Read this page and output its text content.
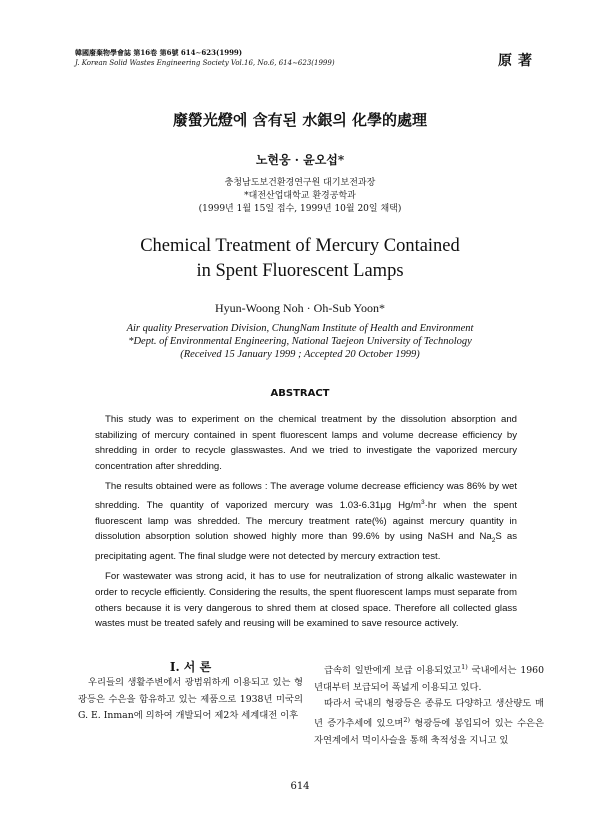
韓國廢棄物學會誌 第16卷 第6號 614∼623(1999)
J. Korean Solid Wastes Engineering Society Vol.16, No.6, 614∼623(1999)	原著
廢螢光燈에 含有된 水銀의 化學的處理
노현웅 · 윤오섭*
충청남도보건환경연구원 대기보전과장
*대전산업대학교 환경공학과
(1999년 1월 15일 접수, 1999년 10월 20일 채택)
Chemical Treatment of Mercury Contained
in Spent Fluorescent Lamps
Hyun-Woong Noh · Oh-Sub Yoon*
Air quality Preservation Division, ChungNam Institute of Health and Environment
*Dept. of Environmental Engineering, National Taejeon University of Technology
(Received 15 January 1999 ; Accepted 20 October 1999)
ABSTRACT

This study was to experiment on the chemical treatment by the dissolution absorption and stabilizing of mercury contained in spent fluorescent lamps and volume decrease efficiency by shredding in order to recycle glasswastes. And we tried to investigate the vaporized mercury concentration after shredding.

The results obtained were as follows : The average volume decrease efficiency was 86% by wet shredding. The quantity of vaporized mercury was 1.03-6.31μg $Hg/m^3\cdot hr$ when the spent fluorescent lamp was shredded. The mercury treatment rate(%) against mercury quantity in dissolution absorption solution showed highly more than 99.6% by using NaSH and $Na_2S$ as precipitating agent. The final sludge were not detected by mercury extraction test.

For wastewater was strong acid, it has to use for neutralization of strong alkalic wastewater in order to recycle efficiently. Considering the results, the spent fluorescent lamps must separate from others because it is very dangerous to shred them at closed space. Therefore all collected glass wastes must be treated safely and reusing will be examined to save resource actively.

Ⅰ. 서 론

우리들의 생활주변에서 광범위하게 이용되고 있는 형광등은 수은을 함유하고 있는 제품으로 1938년 미국의 G. E. Inman에 의하여 개발되어 제2차 세계대전 이후

급속히 일반에게 보급 이용되었고$^{1)}$ 국내에서는 1960년대부터 보급되어 폭넓게 이용되고 있다.

따라서 국내의 형광등은 종류도 다양하고 생산량도 매년 증가추세에 있으며$^{2)}$ 형광등에 봉입되어 있는 수은은 자연계에서 먹이사슬을 통해 축적성을 지니고 있

614
